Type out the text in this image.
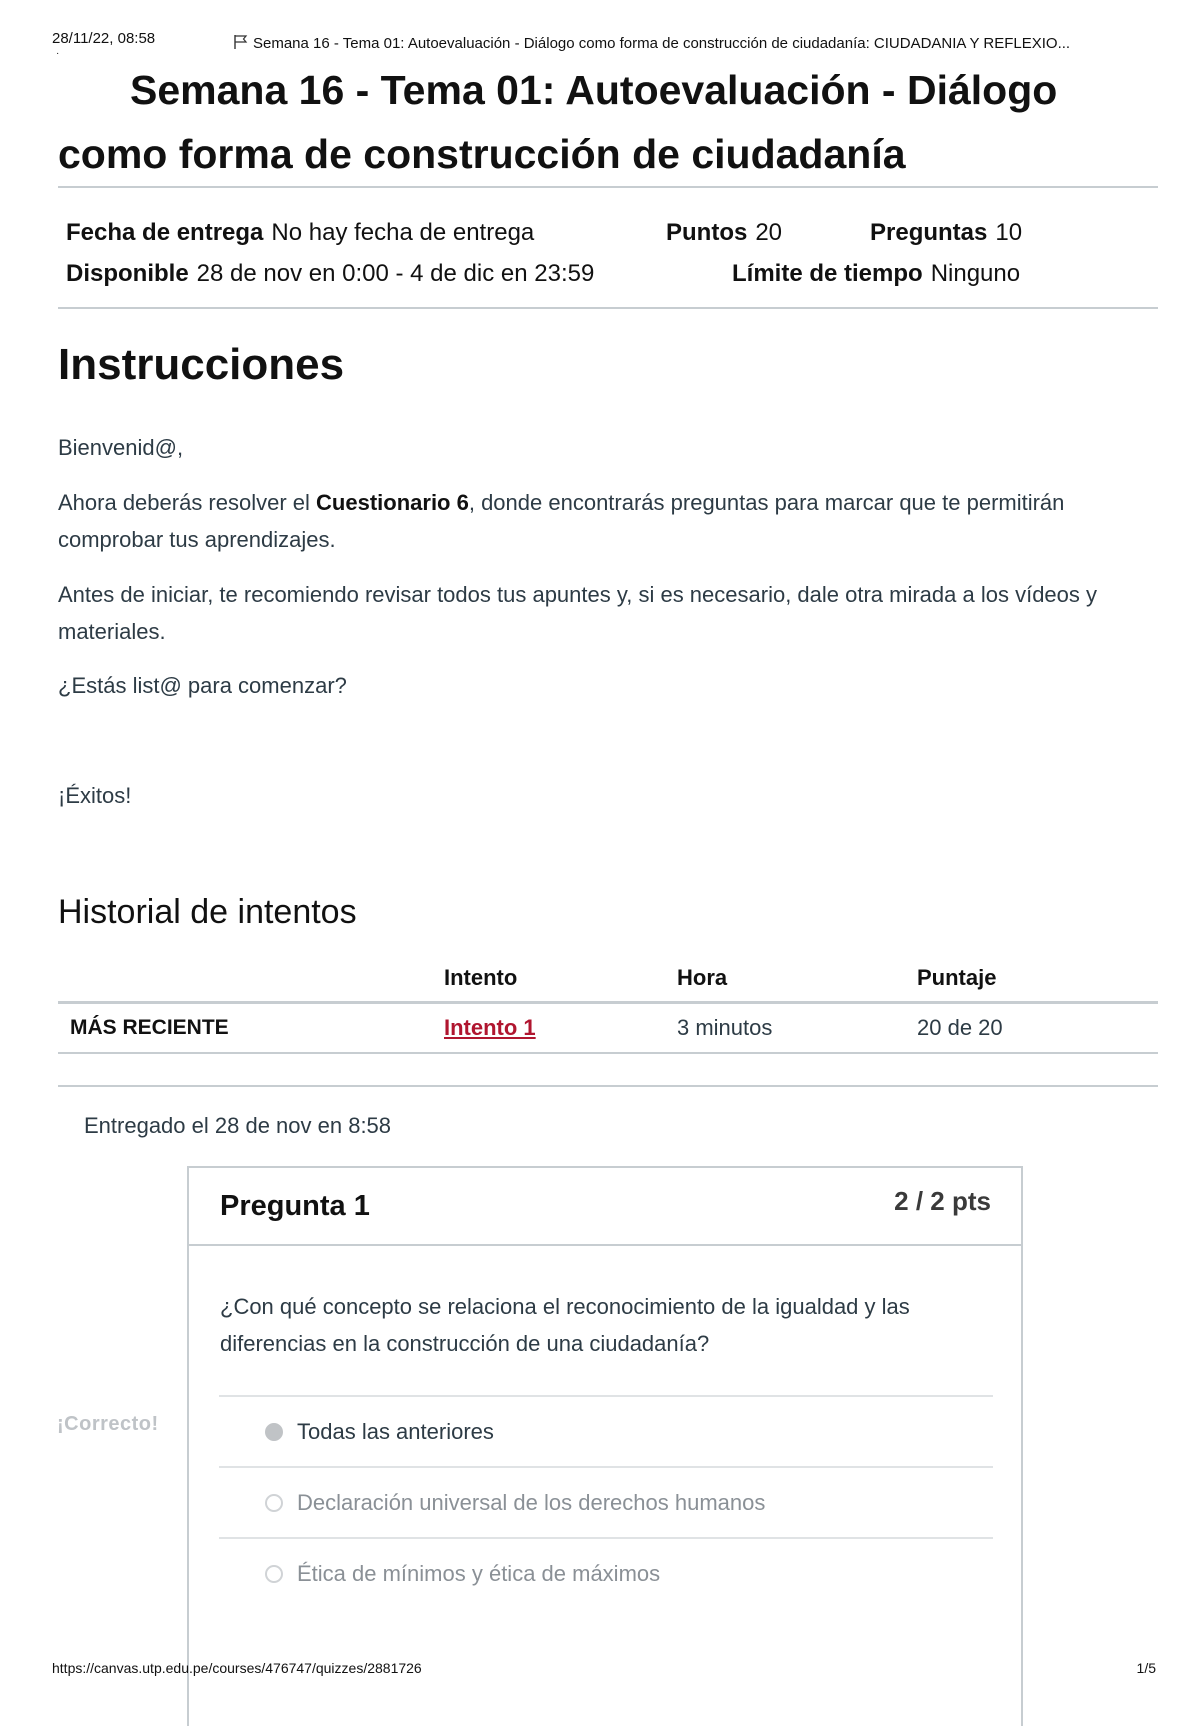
28/11/22, 08:58
·
Semana 16 - Tema 01: Autoevaluación - Diálogo como forma de construcción de ciudadanía: CIUDADANIA Y REFLEXIO...
Semana 16 - Tema 01: Autoevaluación - Diálogo como forma de construcción de ciudadanía
Fecha de entrega No hay fecha de entrega	Puntos 20	Preguntas 10
Disponible 28 de nov en 0:00 - 4 de dic en 23:59	Límite de tiempo Ninguno
Instrucciones

Bienvenid@,

Ahora deberás resolver el Cuestionario 6, donde encontrarás preguntas para marcar que te permitirán comprobar tus aprendizajes.

Antes de iniciar, te recomiendo revisar todos tus apuntes y, si es necesario, dale otra mirada a los vídeos y materiales.

¿Estás list@ para comenzar?

¡Éxitos!

Historial de intentos
	Intento	Hora	Puntaje
MÁS RECIENTE	Intento 1	3 minutos	20 de 20
Entregado el 28 de nov en 8:58
¡Correcto!
Pregunta 1	2 / 2 pts

¿Con qué concepto se relaciona el reconocimiento de la igualdad y las diferencias en la construcción de una ciudadanía?

Todas las anteriores
Declaración universal de los derechos humanos
Ética de mínimos y ética de máximos
https://canvas.utp.edu.pe/courses/476747/quizzes/2881726	1/5
